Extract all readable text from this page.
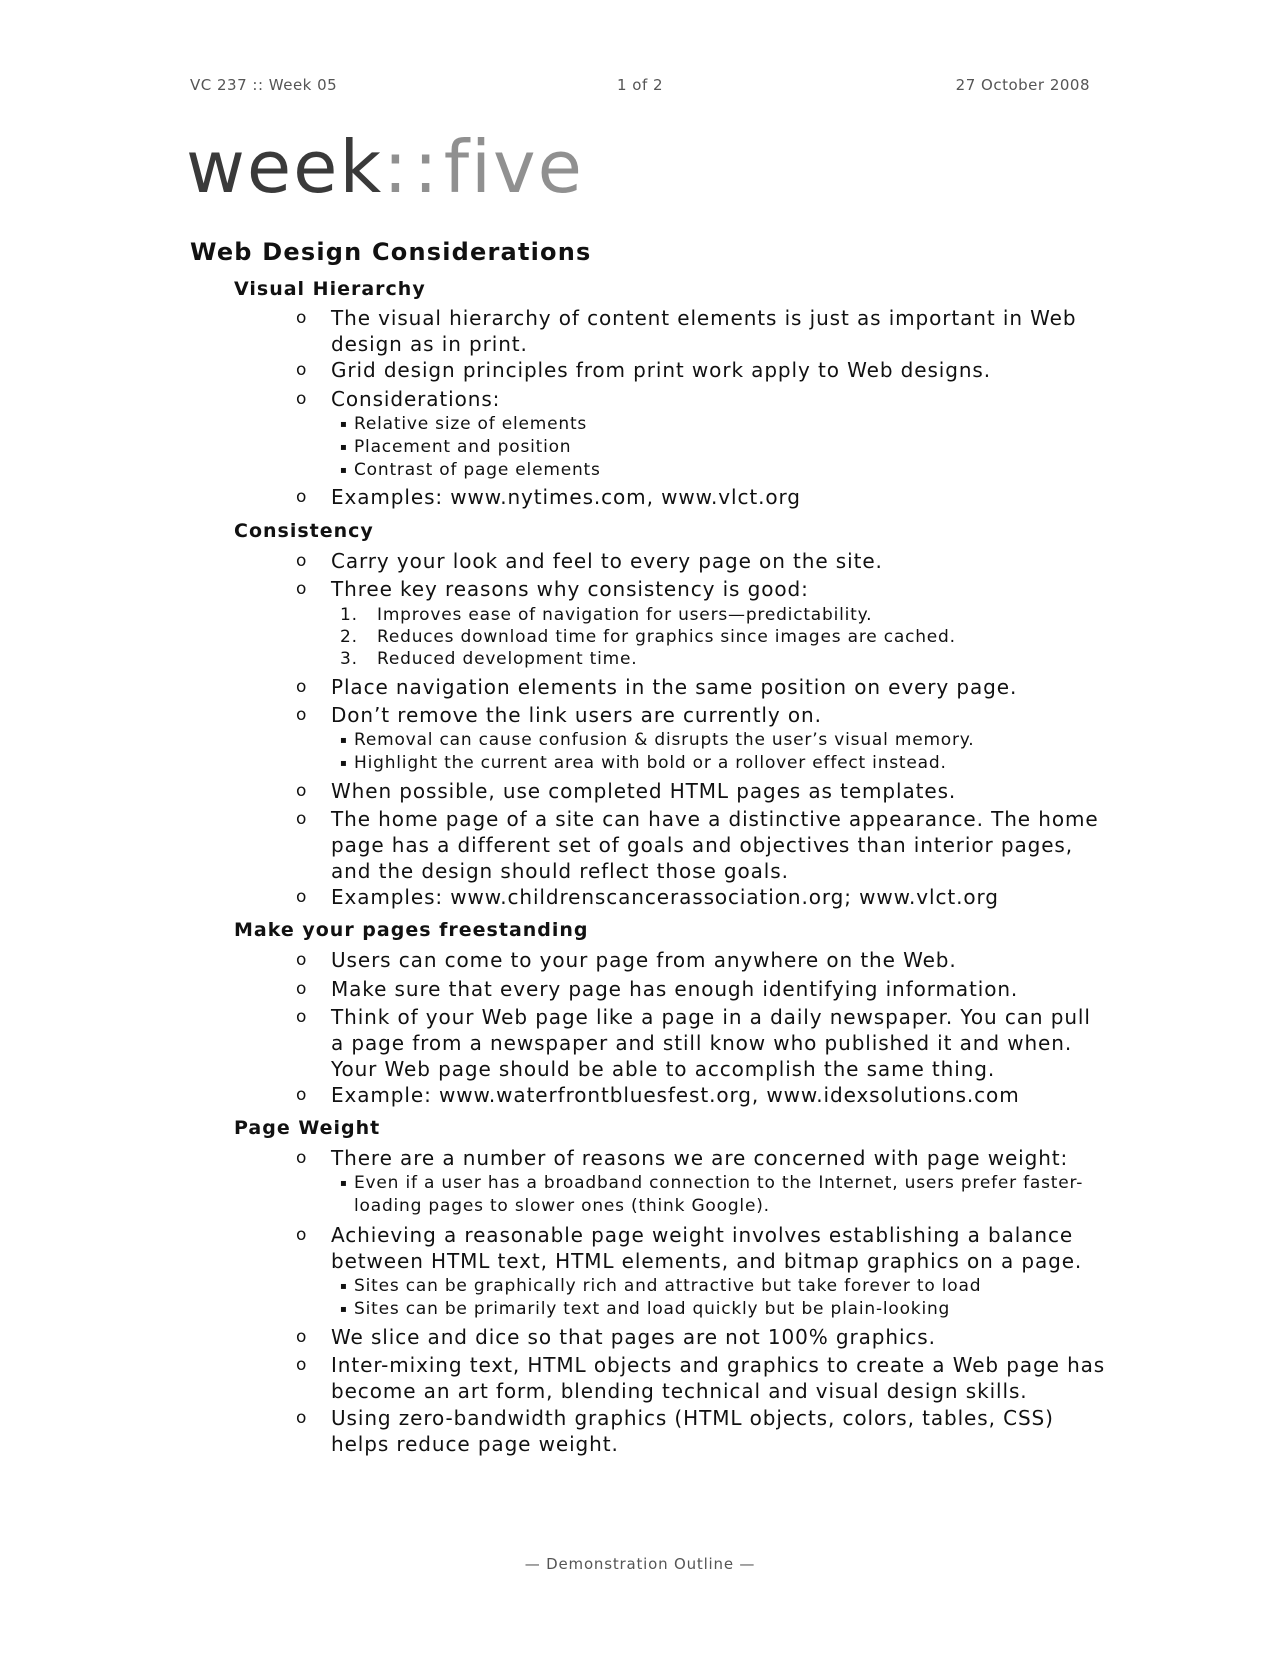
VC 237 :: Week 05	1 of 2	27 October 2008
week::five
Web Design Considerations
Visual Hierarchy
o The visual hierarchy of content elements is just as important in Web design as in print.
o Grid design principles from print work apply to Web designs.
o Considerations:
▪ Relative size of elements
▪ Placement and position
▪ Contrast of page elements
o Examples: www.nytimes.com, www.vlct.org
Consistency
o Carry your look and feel to every page on the site.
o Three key reasons why consistency is good:
1. Improves ease of navigation for users—predictability.
2. Reduces download time for graphics since images are cached.
3. Reduced development time.
o Place navigation elements in the same position on every page.
o Don’t remove the link users are currently on.
▪ Removal can cause confusion & disrupts the user’s visual memory.
▪ Highlight the current area with bold or a rollover effect instead.
o When possible, use completed HTML pages as templates.
o The home page of a site can have a distinctive appearance. The home page has a different set of goals and objectives than interior pages, and the design should reflect those goals.
o Examples: www.childrenscancerassociation.org; www.vlct.org
Make your pages freestanding
o Users can come to your page from anywhere on the Web.
o Make sure that every page has enough identifying information.
o Think of your Web page like a page in a daily newspaper. You can pull a page from a newspaper and still know who published it and when. Your Web page should be able to accomplish the same thing.
o Example: www.waterfrontbluesfest.org, www.idexsolutions.com
Page Weight
o There are a number of reasons we are concerned with page weight:
▪ Even if a user has a broadband connection to the Internet, users prefer faster-loading pages to slower ones (think Google).
o Achieving a reasonable page weight involves establishing a balance between HTML text, HTML elements, and bitmap graphics on a page.
▪ Sites can be graphically rich and attractive but take forever to load
▪ Sites can be primarily text and load quickly but be plain-looking
o We slice and dice so that pages are not 100% graphics.
o Inter-mixing text, HTML objects and graphics to create a Web page has become an art form, blending technical and visual design skills.
o Using zero-bandwidth graphics (HTML objects, colors, tables, CSS) helps reduce page weight.
— Demonstration Outline —
